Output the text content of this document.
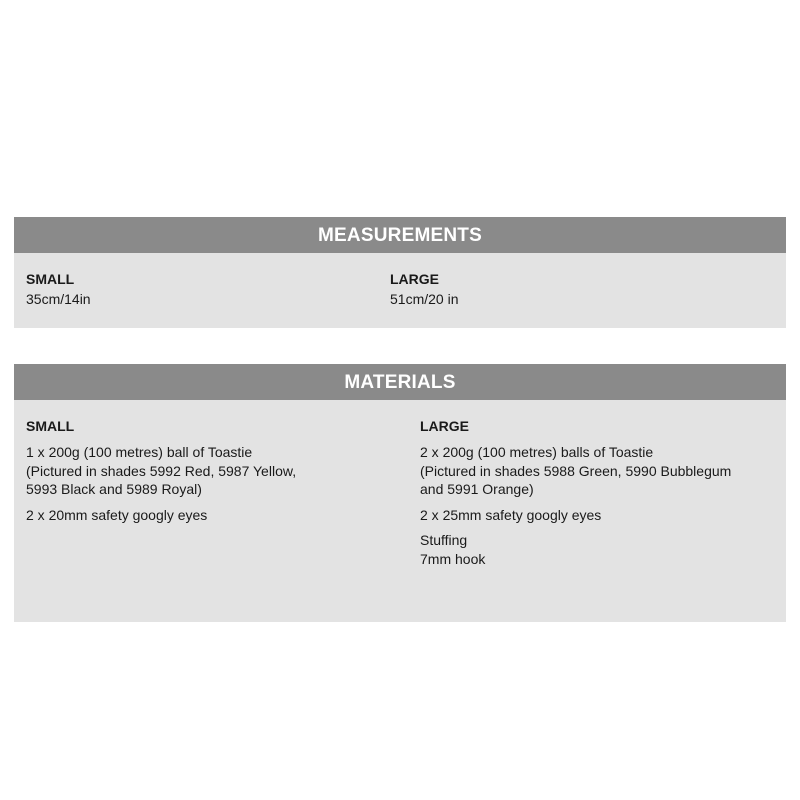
MEASUREMENTS
SMALL
35cm/14in
LARGE
51cm/20 in
MATERIALS
SMALL
1 x 200g (100 metres) ball of Toastie
(Pictured in shades 5992 Red, 5987 Yellow,
5993 Black and 5989 Royal)
2 x 20mm safety googly eyes
LARGE
2 x 200g (100 metres) balls of Toastie
(Pictured in shades 5988 Green, 5990 Bubblegum
and 5991 Orange)
2 x 25mm safety googly eyes
Stuffing
7mm hook
